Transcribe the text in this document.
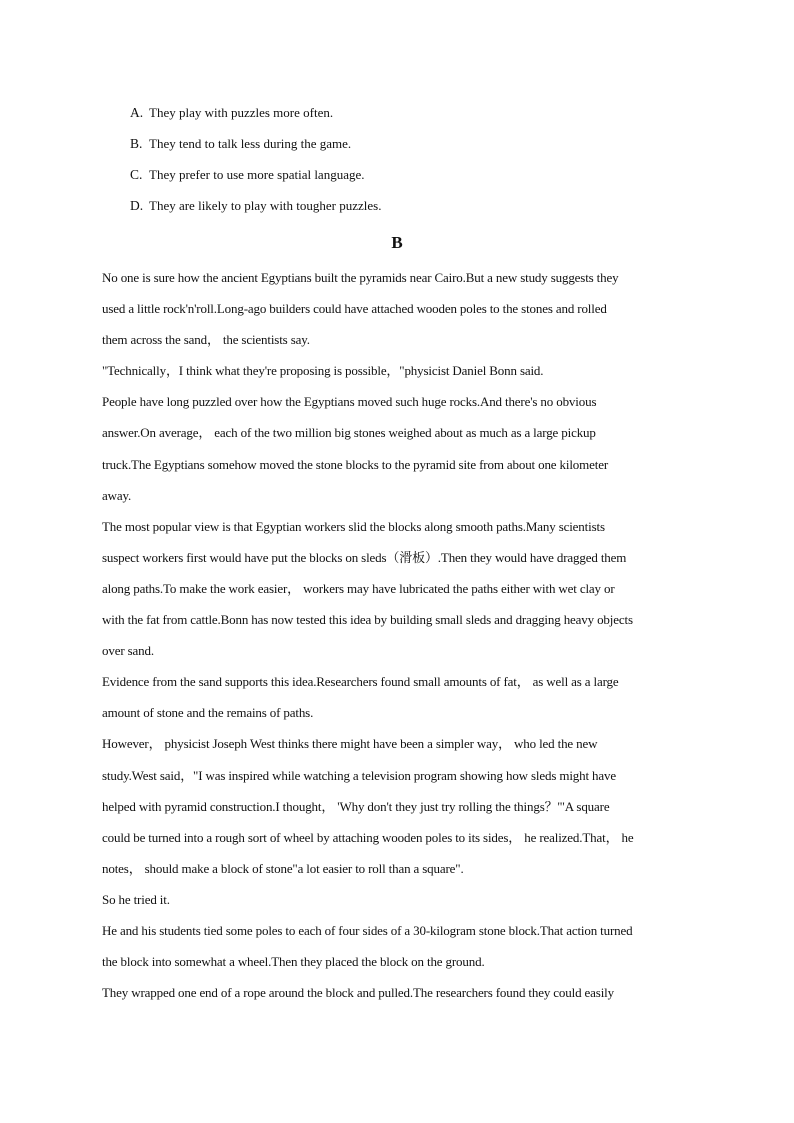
A. They play with puzzles more often.
B. They tend to talk less during the game.
C. They prefer to use more spatial language.
D. They are likely to play with tougher puzzles.
B
No one is sure how the ancient Egyptians built the pyramids near Cairo.But a new study suggests they
used a little rock'n'roll.Long-ago builders could have attached wooden poles to the stones and rolled
them across the sand， the scientists say.
"Technically，I think what they're proposing is possible，"physicist Daniel Bonn said.
People have long puzzled over how the Egyptians moved such huge rocks.And there's no obvious
answer.On average， each of the two million big stones weighed about as much as a large pickup
truck.The Egyptians somehow moved the stone blocks to the pyramid site from about one kilometer
away.
The most popular view is that Egyptian workers slid the blocks along smooth paths.Many scientists
suspect workers first would have put the blocks on sleds（滑板）.Then they would have dragged them
along paths.To make the work easier， workers may have lubricated the paths either with wet clay or
with the fat from cattle.Bonn has now tested this idea by building small sleds and dragging heavy objects
over sand.
Evidence from the sand supports this idea.Researchers found small amounts of fat， as well as a large
amount of stone and the remains of paths.
However， physicist Joseph West thinks there might have been a simpler way， who led the new
study.West said，"I was inspired while watching a television program showing how sleds might have
helped with pyramid construction.I thought， 'Why don't they just try rolling the things？'"A square
could be turned into a rough sort of wheel by attaching wooden poles to its sides， he realized.That， he
notes， should make a block of stone"a lot easier to roll than a square".
So he tried it.
He and his students tied some poles to each of four sides of a 30-kilogram stone block.That action turned
the block into somewhat a wheel.Then they placed the block on the ground.
They wrapped one end of a rope around the block and pulled.The researchers found they could easily
